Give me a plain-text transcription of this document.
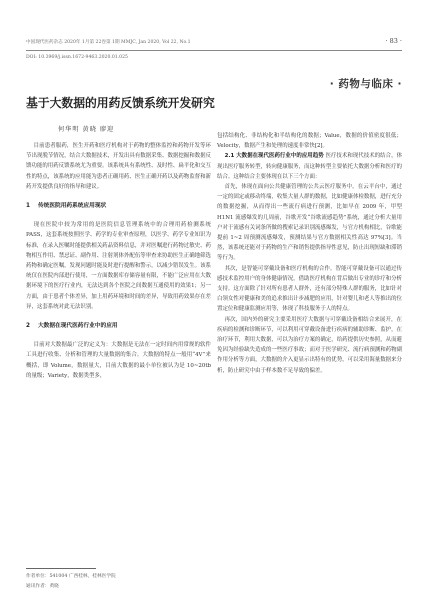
中国现代医药杂志 2020年 1月第 22卷第 1期 MMJC, Jan 2020, Vol 22, No.1	· 83 ·
DOI: 10.3969/j.issn.1672-9463.2020.01.025
· 药物与临床 ·
基于大数据的用药反馈系统开发研究
何华明 黄晓 廖迎

目前患者服药，医生开药和医疗机构对于药物的整体监控和药物开发等环节出现脱节情况，结合大数据技术，开发出具有数据采集、数据挖掘和数据反馈功能的用药反馈系统尤为重要。该系统具有系统性、及时性、扁平化和交互性的特点，该系统的应用能为患者正确用药、医生正确开药以及药物监督和新药开发提供良好的指导和建议。

1 传统医院用药系统应用现状

现在医院中较为常用的是医院信息管理系统中的合理用药检测系统 PASS，这套系统按照医学、药学的专业审查原理，以医学、药学专业知识为标准，在录入医嘱时能提供相关药品资料信息，并对医嘱进行药物过敏史、药物相互作用、禁忌证、副作用、注射剂体外配伍等审查来协助医生正确地筛选药物和确定医嘱，发现问题时能及时进行提醒和警示，以减少错误发生。该系统仅在医院内部进行使用，一方面数据库存储容量有限，不能广泛应用在大数据环境下的医疗行业内，无法达到各个医院之间数据互通使用的效果1；另一方面，由于患者个体差异，加上用药环境和时间的差异，导致用药效果存在差异，这套系统对此无法识别。

2 大数据在现代医药行业中的应用

目前对大数据最广泛的定义为：大数据是无法在一定时间内用常规的软件工具进行收集、分析和管理的大量数据的集合。大数据的特点一般用“4V”来概括，即 Volume，数据量大，目前大数据的最小单位被认为是 10~20tb 的量级；Variety，数据类型多，

包括结构化、非结构化和半结构化的数据；Value，数据的价值密度很低；Velocity，数据产生和处理的速度非常快[2]。

2.1 大数据在现代医药行业中的应用趋势 医疗技术和现代技术的结合，体现出医疗服务转型，转向健康服务，而这种转型主要依托大数据分析和医疗的结合。这种结合主要体现在以下三个方面：

首先，体现在面向公共健康管理的公共云医疗服务中。在云平台中，通过一定的固定或移动终端，收集大量人群的数据，比如健康体检数据，进行充分的数据挖掘，从而得出一些流行病进行预测，比如早在 2009 年，甲型 H1N1 流感爆发的几周前，谷歌开发“谷歌流感趋势”系统，通过分析大量用户对于流感有关词条所做的搜索记录识别流感爆发，与官方机构相比，谷歌能提前 1~2 周预测流感爆发，预测结果与官方数据相关性高达 97%[3]。当然，该系统还能对于药物的生产和销售提供指导性意见，防止出现短缺和滞销等行为。

其次，是智能可穿戴设备和医疗机构的合作。智能可穿戴设备可以通过传感技术监控用户的身体健康情况，借助医疗机构在背后做出专业的诊疗和分析支持。这方面除了针对所有患者人群外，还有部分特殊人群的服务，比如针对白领女性对健康和美的追求推出计步减肥的应用，针对婴儿和老人等推出的位置定位和健康监测应用等，体现了科技服务于人的特点。

再次，国内外的研究主要采用医疗大数据与可穿戴设备相结合来展开，在疾病的检测和诊断环节，可以利用可穿戴设备进行疾病的辅助诊断、监护，在治疗环节，利用大数据，可以为治疗方案的确定，给药提供历史参照，从而避免因为经验缺失造成的一些医疗事故；而对于医学研究、流行病预测和药物副作用分析等方面，大数据的介入更显示出特有的优势，可以采用海量数据来分析，防止研究中由于样本数不足导致的偏差。

作者单位：541004 广西桂林，桂林医学院
通讯作者：黄晓
